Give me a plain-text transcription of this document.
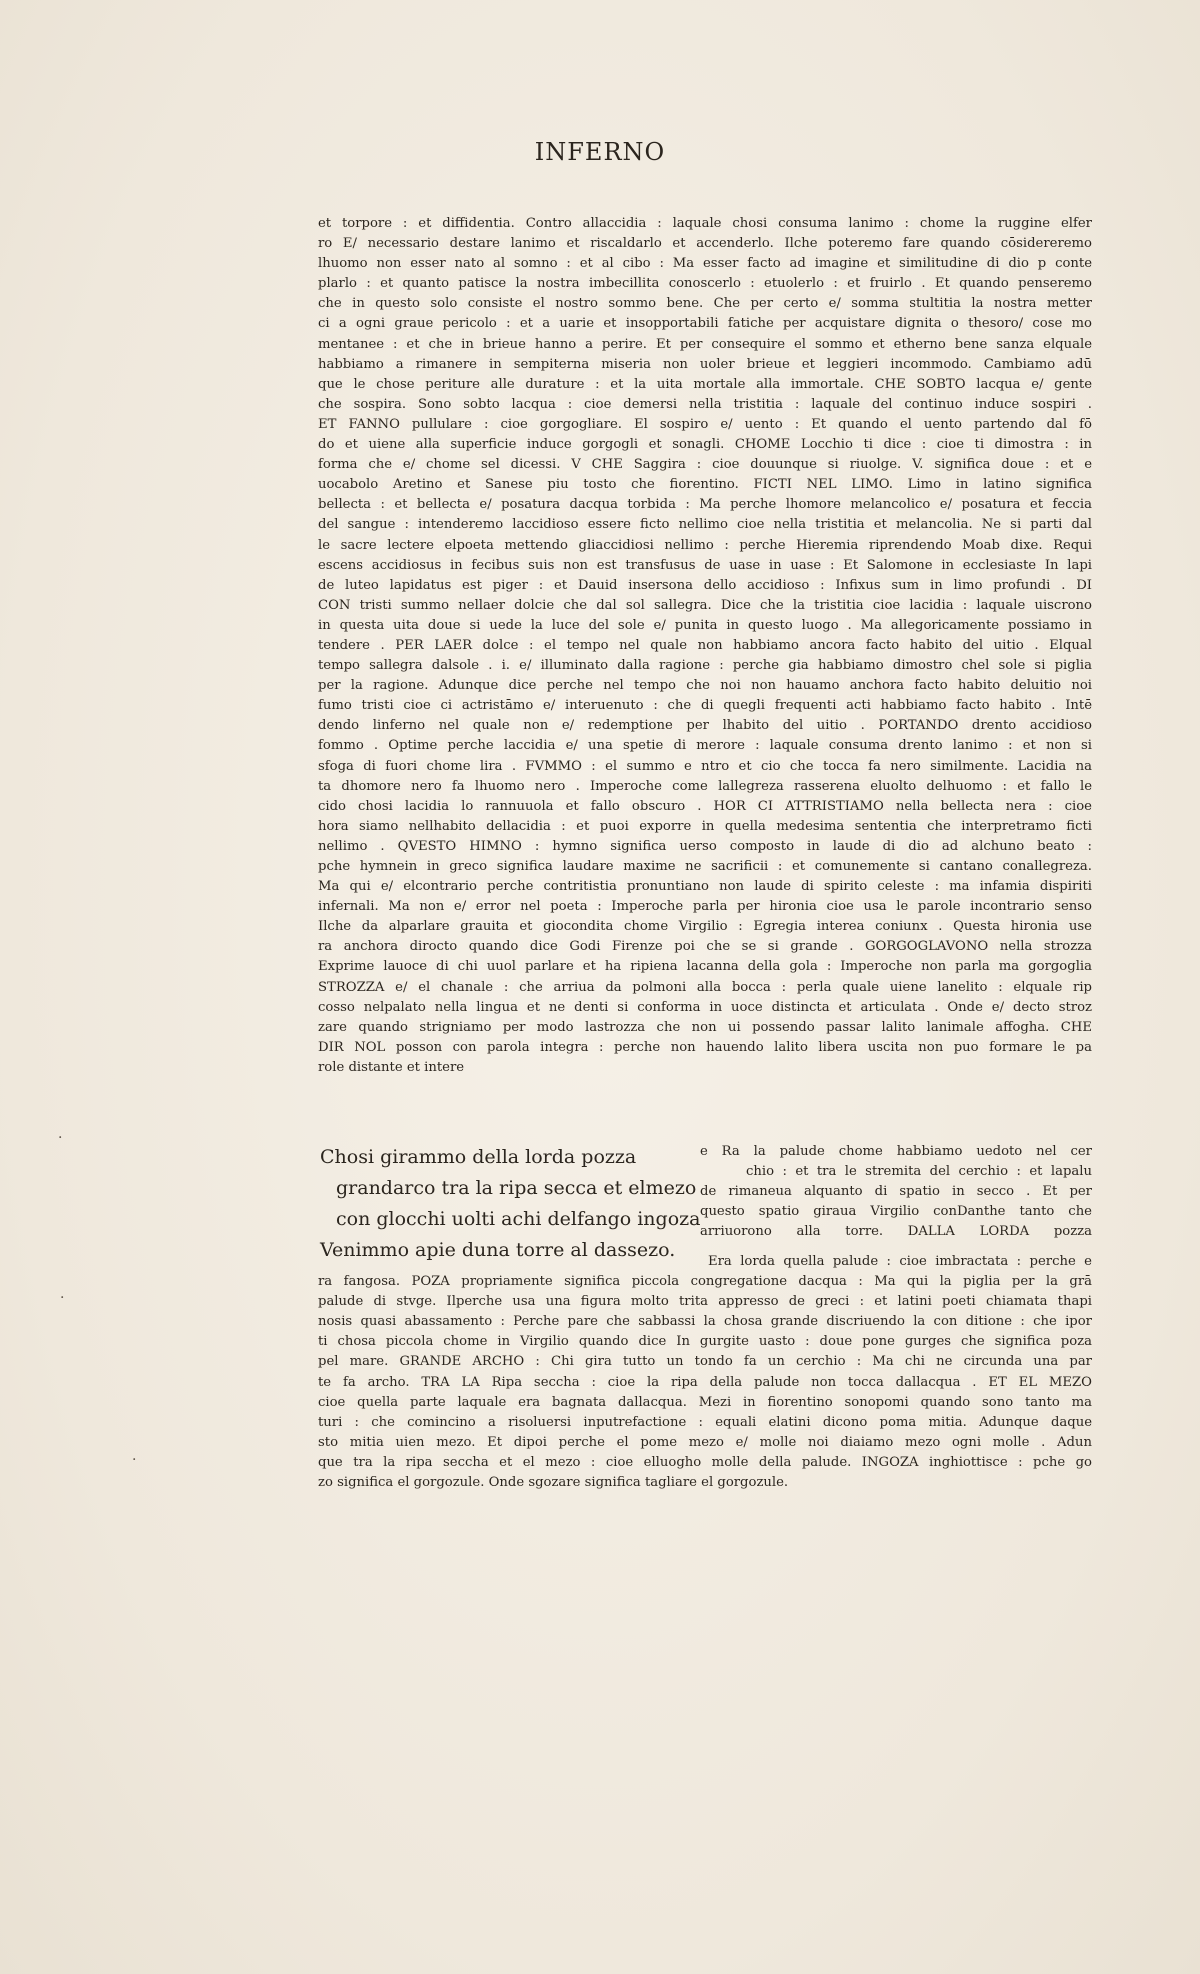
INFERNO
et torpore : et diffidentia. Contro allaccidia : laquale chosi consuma lanimo : chome la ruggine elfer
ro E/ necessario destare lanimo et riscaldarlo et accenderlo. Ilche poteremo fare quando cōsidereremo
lhuomo non esser nato al somno : et al cibo : Ma esser facto ad imagine et similitudine di dio p conte
plarlo : et quanto patisce la nostra imbecillita conoscerlo : etuolerlo : et fruirlo . Et quando penseremo
che in questo solo consiste el nostro sommo bene. Che per certo e/ somma stultitia la nostra metter
ci a ogni graue pericolo : et a uarie et insopportabili fatiche per acquistare dignita o thesoro/ cose mo
mentanee : et che in brieue hanno a perire. Et per consequire el sommo et etherno bene sanza elquale
habbiamo a rimanere in sempiterna miseria non uoler brieue et leggieri incommodo. Cambiamo adū
que le chose periture alle durature : et la uita mortale alla immortale. CHE SOBTO lacqua e/ gente
che sospira. Sono sobto lacqua : cioe demersi nella tristitia : laquale del continuo induce sospiri .
ET FANNO pullulare : cioe gorgogliare. El sospiro e/ uento : Et quando el uento partendo dal fō
do et uiene alla superficie induce gorgogli et sonagli. CHOME Locchio ti dice : cioe ti dimostra : in
forma che e/ chome sel dicessi. V CHE Saggira : cioe douunque si riuolge. V. significa doue : et e
uocabolo Aretino et Sanese piu tosto che fiorentino. FICTI NEL LIMO. Limo in latino significa
bellecta : et bellecta e/ posatura dacqua torbida : Ma perche lhomore melancolico e/ posatura et feccia
del sangue : intenderemo laccidioso essere ficto nellimo cioe nella tristitia et melancolia. Ne si parti dal
le sacre lectere elpoeta mettendo gliaccidiosi nellimo : perche Hieremia riprendendo Moab dixe. Requi
escens accidiosus in fecibus suis non est transfusus de uase in uase : Et Salomone in ecclesiaste In lapi
de luteo lapidatus est piger : et Dauid insersona dello accidioso : Infixus sum in limo profundi . DI
CON tristi summo nellaer dolcie che dal sol sallegra. Dice che la tristitia cioe lacidia : laquale uiscrono
in questa uita doue si uede la luce del sole e/ punita in questo luogo . Ma allegoricamente possiamo in
tendere . PER LAER dolce : el tempo nel quale non habbiamo ancora facto habito del uitio . Elqual
tempo sallegra dalsole . i. e/ illuminato dalla ragione : perche gia habbiamo dimostro chel sole si piglia
per la ragione. Adunque dice perche nel tempo che noi non hauamo anchora facto habito deluitio noi
fumo tristi cioe ci actristāmo e/ interuenuto : che di quegli frequenti acti habbiamo facto habito . Intē
dendo linferno nel quale non e/ redemptione per lhabito del uitio . PORTANDO drento accidioso
fommo . Optime perche laccidia e/ una spetie di merore : laquale consuma drento lanimo : et non si
sfoga di fuori chome lira . FVMMO : el summo e ntro et cio che tocca fa nero similmente. Lacidia na
ta dhomore nero fa lhuomo nero . Imperoche come lallegreza rasserena eluolto delhuomo : et fallo le
cido chosi lacidia lo rannuuola et fallo obscuro . HOR CI ATTRISTIAMO nella bellecta nera : cioe
hora siamo nellhabito dellacidia : et puoi exporre in quella medesima sententia che interpretramo ficti
nellimo . QVESTO HIMNO : hymno significa uerso composto in laude di dio ad alchuno beato :
pche hymnein in greco significa laudare maxime ne sacrificii : et comunemente si cantano conallegreza.
Ma qui e/ elcontrario perche contritistia pronuntiano non laude di spirito celeste : ma infamia dispiriti
infernali. Ma non e/ error nel poeta : Imperoche parla per hironia cioe usa le parole incontrario senso
Ilche da alparlare grauita et giocondita chome Virgilio : Egregia interea coniunx . Questa hironia use
ra anchora dirocto quando dice Godi Firenze poi che se si grande . GORGOGLAVONO nella strozza
Exprime lauoce di chi uuol parlare et ha ripiena lacanna della gola : Imperoche non parla ma gorgoglia
STROZZA e/ el chanale : che arriua da polmoni alla bocca : perla quale uiene lanelito : elquale rip
cosso nelpalato nella lingua et ne denti si conforma in uoce distincta et articulata . Onde e/ decto stroz
zare quando strigniamo per modo lastrozza che non ui possendo passar lalito lanimale affogha. CHE
DIR NOL posson con parola integra : perche non hauendo lalito libera uscita non puo formare le pa
role distante et intere
Chosi girammo della lorda pozza
grandarco tra la ripa secca et elmezo
con glocchi uolti achi delfango ingoza
Venimmo apie duna torre al dassezo.
e Ra la palude chome habbiamo uedoto nel cer
chio : et tra le stremita del cerchio : et lapalu
de rimaneua alquanto di spatio in secco . Et per
questo spatio giraua Virgilio conDanthe tanto che
arriuorono alla torre. DALLA LORDA pozza
Era lorda quella palude : cioe imbractata : perche e
ra fangosa. POZA propriamente significa piccola congregatione dacqua : Ma qui la piglia per la grā
palude di stvge. Ilperche usa una figura molto trita appresso de greci : et latini poeti chiamata thapi
nosis quasi abassamento : Perche pare che sabbassi la chosa grande discriuendo la con ditione : che ipor
ti chosa piccola chome in Virgilio quando dice In gurgite uasto : doue pone gurges che significa poza
pel mare. GRANDE ARCHO : Chi gira tutto un tondo fa un cerchio : Ma chi ne circunda una par
te fa archo. TRA LA Ripa seccha : cioe la ripa della palude non tocca dallacqua . ET EL MEZO
cioe quella parte laquale era bagnata dallacqua. Mezi in fiorentino sonopomi quando sono tanto ma
turi : che comincino a risoluersi inputrefactione : equali elatini dicono poma mitia. Adunque daque
sto mitia uien mezo. Et dipoi perche el pome mezo e/ molle noi diaiamo mezo ogni molle . Adun
que tra la ripa seccha et el mezo : cioe elluogho molle della palude. INGOZA inghiottisce : pche go
zo significa el gorgozule. Onde sgozare significa tagliare el gorgozule.
·
·
·
